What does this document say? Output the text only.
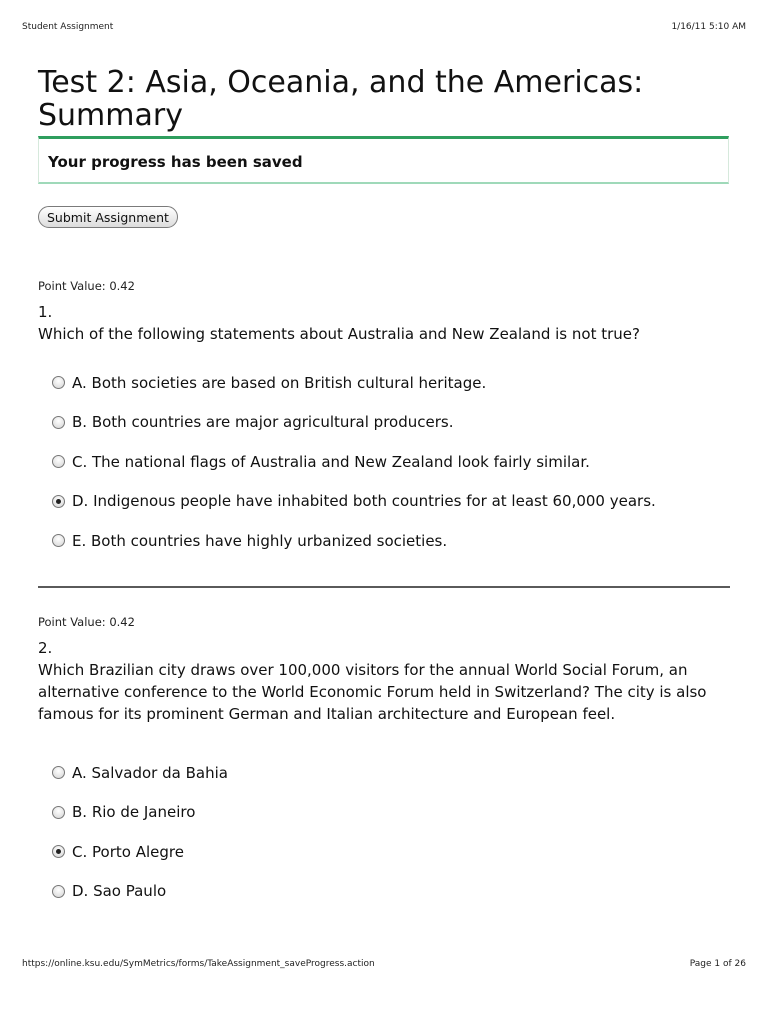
Student Assignment	1/16/11 5:10 AM
Test 2: Asia, Oceania, and the Americas: Summary
Your progress has been saved
Submit Assignment
Point Value: 0.42
1.
Which of the following statements about Australia and New Zealand is not true?
A. Both societies are based on British cultural heritage.
B. Both countries are major agricultural producers.
C. The national flags of Australia and New Zealand look fairly similar.
D. Indigenous people have inhabited both countries for at least 60,000 years.
E. Both countries have highly urbanized societies.
Point Value: 0.42
2.
Which Brazilian city draws over 100,000 visitors for the annual World Social Forum, an alternative conference to the World Economic Forum held in Switzerland? The city is also famous for its prominent German and Italian architecture and European feel.
A. Salvador da Bahia
B. Rio de Janeiro
C. Porto Alegre
D. Sao Paulo
https://online.ksu.edu/SymMetrics/forms/TakeAssignment_saveProgress.action	Page 1 of 26
